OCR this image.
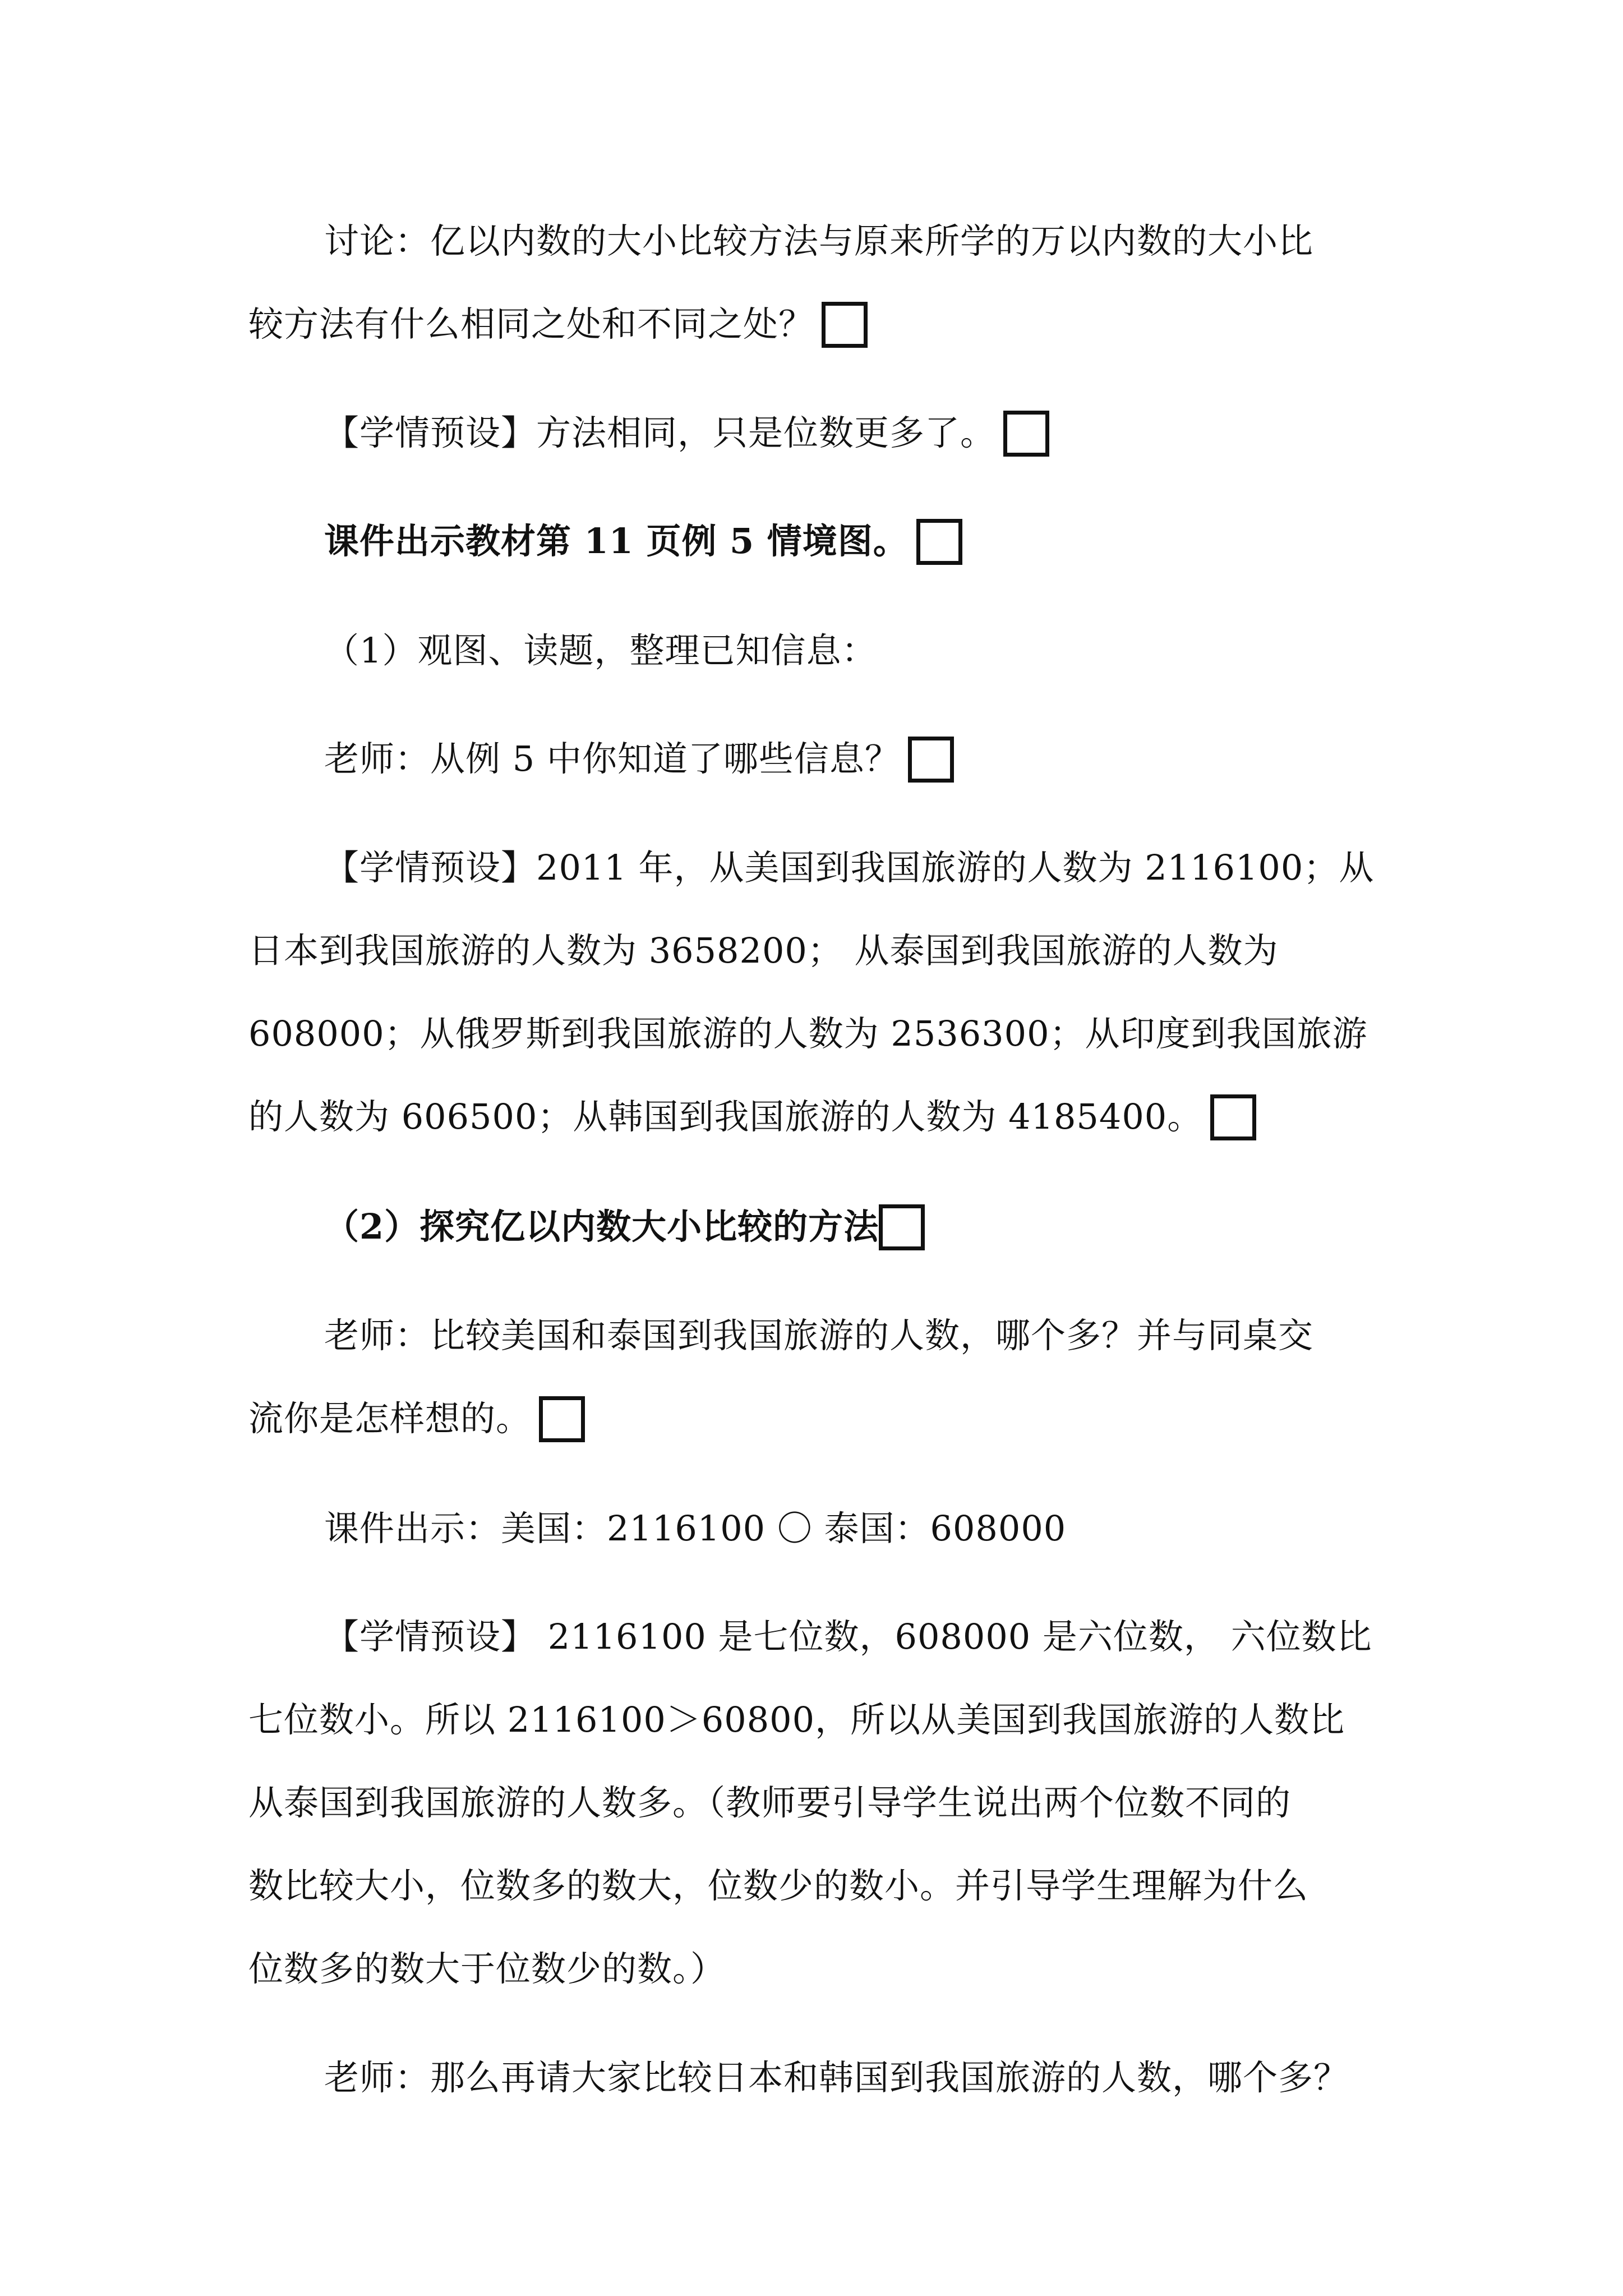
讨论：亿以内数的大小比较方法与原来所学的万以内数的大小比
较方法有什么相同之处和不同之处？
【学情预设】方法相同，只是位数更多了。
课件出示教材第 11 页例 5 情境图。
（1）观图、读题，整理已知信息：
老师：从例 5 中你知道了哪些信息？
【学情预设】2011 年，从美国到我国旅游的人数为 2116100；从
日本到我国旅游的人数为 3658200； 从泰国到我国旅游的人数为
608000；从俄罗斯到我国旅游的人数为 2536300；从印度到我国旅游
的人数为 606500；从韩国到我国旅游的人数为 4185400。
（2）探究亿以内数大小比较的方法
老师：比较美国和泰国到我国旅游的人数，哪个多？并与同桌交
流你是怎样想的。
课件出示：美国：2116100 〇 泰国：608000
【学情预设】 2116100 是七位数，608000 是六位数， 六位数比
七位数小。所以 2116100＞60800，所以从美国到我国旅游的人数比
从泰国到我国旅游的人数多。（教师要引导学生说出两个位数不同的
数比较大小，位数多的数大，位数少的数小。并引导学生理解为什么
位数多的数大于位数少的数。）
老师：那么再请大家比较日本和韩国到我国旅游的人数，哪个多？
